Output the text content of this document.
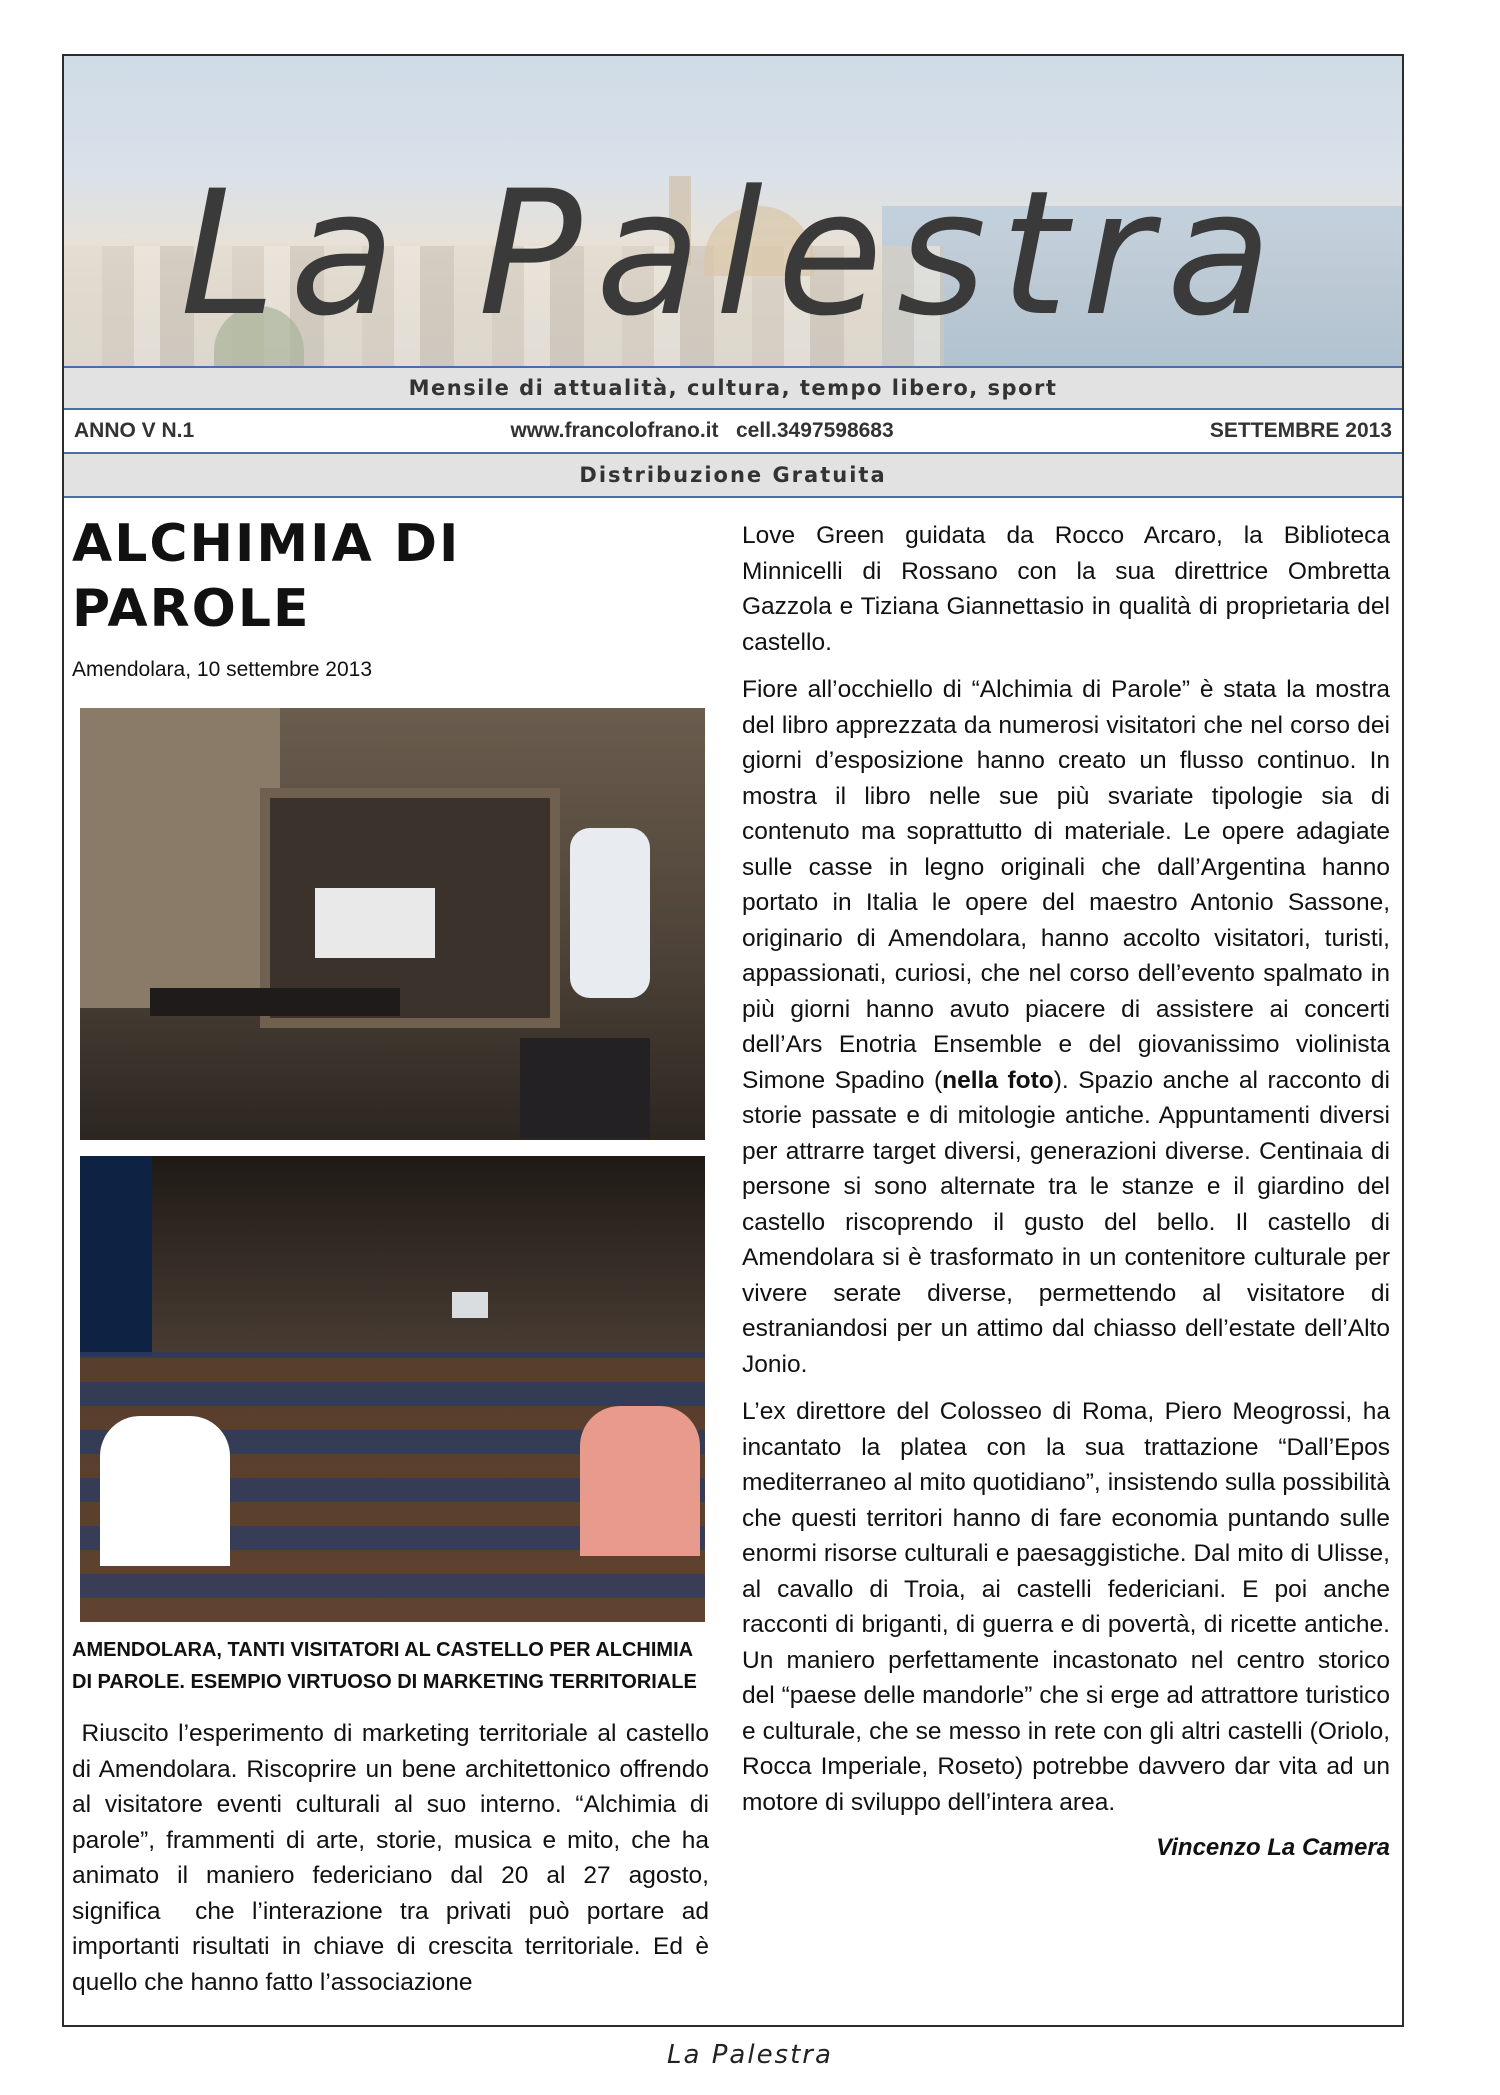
La Palestra
Mensile di attualità, cultura, tempo libero, sport
ANNO V N.1	www.francolofrano.it   cell.3497598683	SETTEMBRE 2013
Distribuzione Gratuita
ALCHIMIA DI PAROLE
Amendolara, 10 settembre 2013
AMENDOLARA, TANTI VISITATORI AL CASTELLO PER ALCHIMIA DI PAROLE. ESEMPIO VIRTUOSO DI MARKETING TERRITORIALE

Riuscito l’esperimento di marketing territoriale al castello di Amendolara. Riscoprire un bene architettonico offrendo al visitatore eventi culturali al suo interno. “Alchimia di parole”, frammenti di arte, storie, musica e mito, che ha animato il maniero federiciano dal 20 al 27 agosto, significa  che l’interazione tra privati può portare ad importanti risultati in chiave di crescita territoriale. Ed è quello che hanno fatto l’associazione

Love Green guidata da Rocco Arcaro, la Biblioteca Minnicelli di Rossano con la sua direttrice Ombretta Gazzola e Tiziana Giannettasio in qualità di proprietaria del castello.

Fiore all’occhiello di “Alchimia di Parole” è stata la mostra del libro apprezzata da numerosi visitatori che nel corso dei giorni d’esposizione hanno creato un flusso continuo. In mostra il libro nelle sue più svariate tipologie sia di contenuto ma soprattutto di materiale. Le opere adagiate sulle casse in legno originali che dall’Argentina hanno portato in Italia le opere del maestro Antonio Sassone, originario di Amendolara, hanno accolto visitatori, turisti, appassionati, curiosi, che nel corso dell’evento spalmato in più giorni hanno avuto piacere di assistere ai concerti dell’Ars Enotria Ensemble e del giovanissimo violinista Simone Spadino (nella foto). Spazio anche al racconto di storie passate e di mitologie antiche. Appuntamenti diversi per attrarre target diversi, generazioni diverse. Centinaia di persone si sono alternate tra le stanze e il giardino del castello riscoprendo il gusto del bello. Il castello di Amendolara si è trasformato in un contenitore culturale per vivere serate diverse, permettendo al visitatore di estraniandosi per un attimo dal chiasso dell’estate dell’Alto Jonio.

L’ex direttore del Colosseo di Roma, Piero Meogrossi, ha incantato la platea con la sua trattazione “Dall’Epos mediterraneo al mito quotidiano”, insistendo sulla possibilità che questi territori hanno di fare economia puntando sulle enormi risorse culturali e paesaggistiche. Dal mito di Ulisse, al cavallo di Troia, ai castelli federiciani. E poi anche racconti di briganti, di guerra e di povertà, di ricette antiche. Un maniero perfettamente incastonato nel centro storico del “paese delle mandorle” che si erge ad attrattore turistico e culturale, che se messo in rete con gli altri castelli (Oriolo, Rocca Imperiale, Roseto) potrebbe davvero dar vita ad un motore di sviluppo dell’intera area.

Vincenzo La Camera
La Palestra
